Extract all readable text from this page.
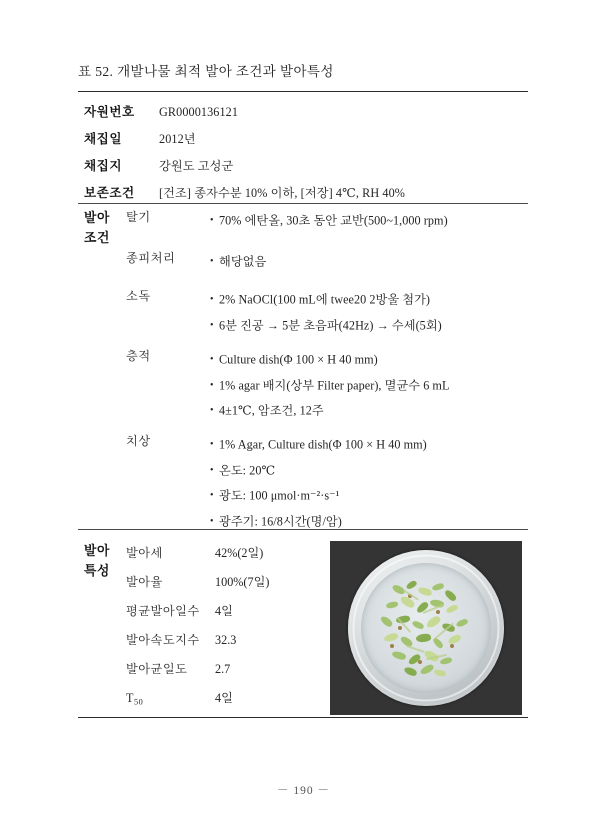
표 52. 개발나물 최적 발아 조건과 발아특성
자원번호 GR0000136121
채집일	2012년
채집지	강원도 고성군
보존조건 [건조] 종자수분 10% 이하, [저장] 4℃, RH 40%
발아
조건
탈기	• 70% 에탄올, 30초 동안 교반(500~1,000 rpm)
종피처리	• 해당없음
소독	• 2% NaOCl(100 mL에 twee20 2방울 첨가)
• 6분 진공 → 5분 초음파(42Hz) → 수세(5회)
층적	• Culture dish(Φ 100 × H 40 mm)
• 1% agar 배지(상부 Filter paper), 멸균수 6 mL
• 4±1℃, 암조건, 12주
치상	• 1% Agar, Culture dish(Φ 100 × H 40 mm)
• 온도: 20℃
• 광도: 100 μmol·m⁻²·s⁻¹
• 광주기: 16/8시간(명/암)
발아
특성
발아세	42%(2일)
발아율	100%(7일)
평균발아일수 4일
발아속도지수 32.3
발아균일도 2.7
$T_{50}$	4일
－ 190 －
